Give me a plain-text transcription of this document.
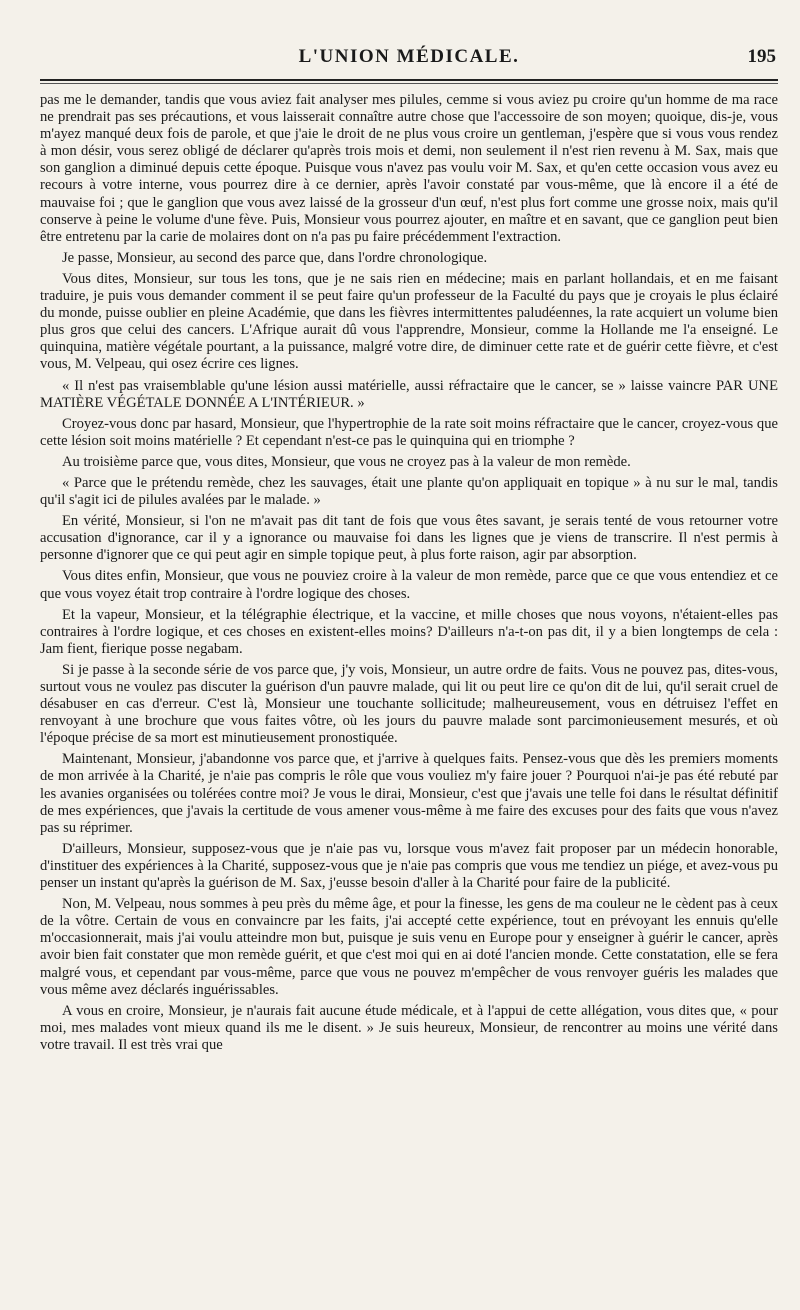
L'UNION MÉDICALE.	195

pas me le demander, tandis que vous aviez fait analyser mes pilules, cemme si vous aviez pu croire qu'un homme de ma race ne prendrait pas ses précautions, et vous laisserait connaître autre chose que l'accessoire de son moyen; quoique, dis-je, vous m'ayez manqué deux fois de parole, et que j'aie le droit de ne plus vous croire un gentleman, j'espère que si vous vous rendez à mon désir, vous serez obligé de déclarer qu'après trois mois et demi, non seulement il n'est rien revenu à M. Sax, mais que son ganglion a diminué depuis cette époque. Puisque vous n'avez pas voulu voir M. Sax, et qu'en cette occasion vous avez eu recours à votre interne, vous pourrez dire à ce dernier, après l'avoir constaté par vous-même, que là encore il a été de mauvaise foi ; que le ganglion que vous avez laissé de la grosseur d'un œuf, n'est plus fort comme une grosse noix, mais qu'il conserve à peine le volume d'une fève. Puis, Monsieur vous pourrez ajouter, en maître et en savant, que ce ganglion peut bien être entretenu par la carie de molaires dont on n'a pas pu faire précédemment l'extraction.

Je passe, Monsieur, au second des parce que, dans l'ordre chronologique.

Vous dites, Monsieur, sur tous les tons, que je ne sais rien en médecine; mais en parlant hollandais, et en me faisant traduire, je puis vous demander comment il se peut faire qu'un professeur de la Faculté du pays que je croyais le plus éclairé du monde, puisse oublier en pleine Académie, que dans les fièvres intermittentes paludéennes, la rate acquiert un volume bien plus gros que celui des cancers. L'Afrique aurait dû vous l'apprendre, Monsieur, comme la Hollande me l'a enseigné. Le quinquina, matière végétale pourtant, a la puissance, malgré votre dire, de diminuer cette rate et de guérir cette fièvre, et c'est vous, M. Velpeau, qui osez écrire ces lignes.

« Il n'est pas vraisemblable qu'une lésion aussi matérielle, aussi réfractaire que le cancer, se » laisse vaincre PAR UNE MATIÈRE VÉGÉTALE DONNÉE A L'INTÉRIEUR. »

Croyez-vous donc par hasard, Monsieur, que l'hypertrophie de la rate soit moins réfractaire que le cancer, croyez-vous que cette lésion soit moins matérielle ? Et cependant n'est-ce pas le quinquina qui en triomphe ?

Au troisième parce que, vous dites, Monsieur, que vous ne croyez pas à la valeur de mon remède.

« Parce que le prétendu remède, chez les sauvages, était une plante qu'on appliquait en topique » à nu sur le mal, tandis qu'il s'agit ici de pilules avalées par le malade. »

En vérité, Monsieur, si l'on ne m'avait pas dit tant de fois que vous êtes savant, je serais tenté de vous retourner votre accusation d'ignorance, car il y a ignorance ou mauvaise foi dans les lignes que je viens de transcrire. Il n'est permis à personne d'ignorer que ce qui peut agir en simple topique peut, à plus forte raison, agir par absorption.

Vous dites enfin, Monsieur, que vous ne pouviez croire à la valeur de mon remède, parce que ce que vous entendiez et ce que vous voyez était trop contraire à l'ordre logique des choses.

Et la vapeur, Monsieur, et la télégraphie électrique, et la vaccine, et mille choses que nous voyons, n'étaient-elles pas contraires à l'ordre logique, et ces choses en existent-elles moins? D'ailleurs n'a-t-on pas dit, il y a bien longtemps de cela : Jam fient, fierique posse negabam.

Si je passe à la seconde série de vos parce que, j'y vois, Monsieur, un autre ordre de faits. Vous ne pouvez pas, dites-vous, surtout vous ne voulez pas discuter la guérison d'un pauvre malade, qui lit ou peut lire ce qu'on dit de lui, qu'il serait cruel de désabuser en cas d'erreur. C'est là, Monsieur une touchante sollicitude; malheureusement, vous en détruisez l'effet en renvoyant à une brochure que vous faites vôtre, où les jours du pauvre malade sont parcimonieusement mesurés, et où l'époque précise de sa mort est minutieusement pronostiquée.

Maintenant, Monsieur, j'abandonne vos parce que, et j'arrive à quelques faits. Pensez-vous que dès les premiers moments de mon arrivée à la Charité, je n'aie pas compris le rôle que vous vouliez m'y faire jouer ? Pourquoi n'ai-je pas été rebuté par les avanies organisées ou tolérées contre moi? Je vous le dirai, Monsieur, c'est que j'avais une telle foi dans le résultat définitif de mes expériences, que j'avais la certitude de vous amener vous-même à me faire des excuses pour des faits que vous n'avez pas su réprimer.

D'ailleurs, Monsieur, supposez-vous que je n'aie pas vu, lorsque vous m'avez fait proposer par un médecin honorable, d'instituer des expériences à la Charité, supposez-vous que je n'aie pas compris que vous me tendiez un piége, et avez-vous pu penser un instant qu'après la guérison de M. Sax, j'eusse besoin d'aller à la Charité pour faire de la publicité.

Non, M. Velpeau, nous sommes à peu près du même âge, et pour la finesse, les gens de ma couleur ne le cèdent pas à ceux de la vôtre. Certain de vous en convaincre par les faits, j'ai accepté cette expérience, tout en prévoyant les ennuis qu'elle m'occasionnerait, mais j'ai voulu atteindre mon but, puisque je suis venu en Europe pour y enseigner à guérir le cancer, après avoir bien fait constater que mon remède guérit, et que c'est moi qui en ai doté l'ancien monde. Cette constatation, elle se fera malgré vous, et cependant par vous-même, parce que vous ne pouvez m'empêcher de vous renvoyer guéris les malades que vous même avez déclarés inguérissables.

A vous en croire, Monsieur, je n'aurais fait aucune étude médicale, et à l'appui de cette allégation, vous dites que, « pour moi, mes malades vont mieux quand ils me le disent. » Je suis heureux, Monsieur, de rencontrer au moins une vérité dans votre travail. Il est très vrai que
